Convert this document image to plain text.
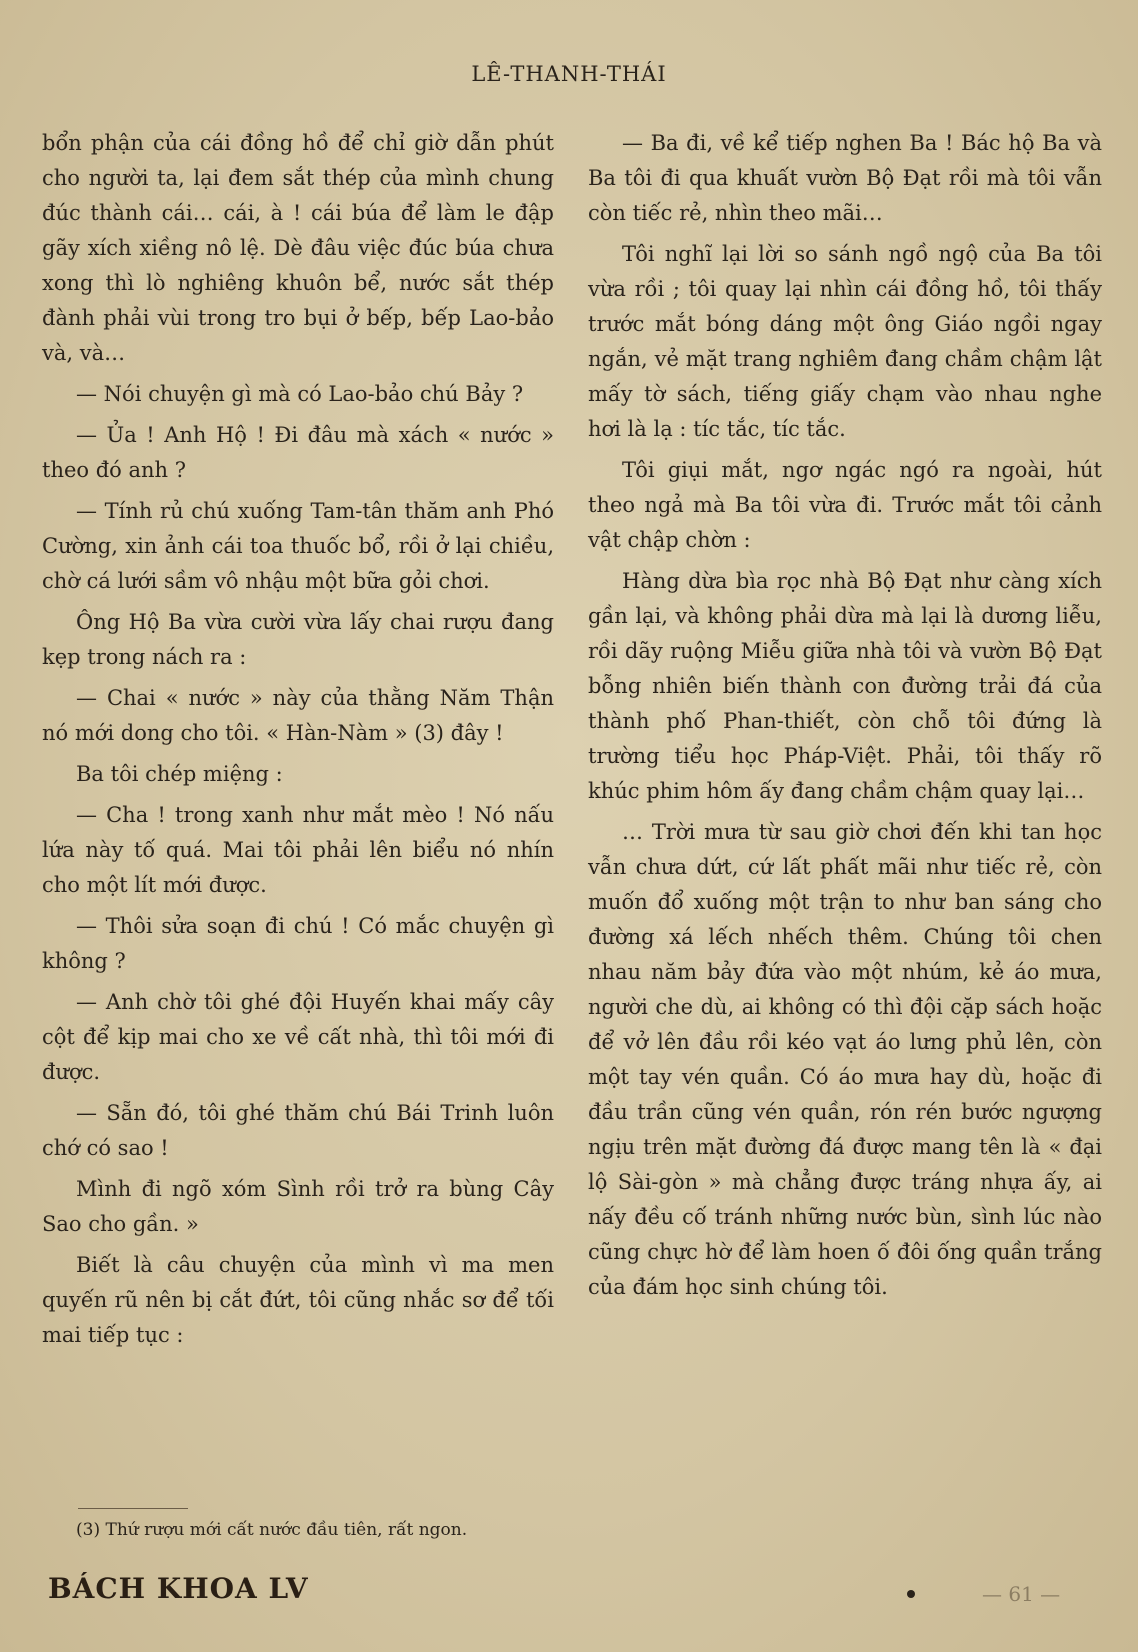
LÊ-THANH-THÁI

bổn phận của cái đồng hồ để chỉ giờ dẫn phút cho người ta, lại đem sắt thép của mình chung đúc thành cái… cái, à ! cái búa để làm le đập gãy xích xiềng nô lệ. Dè đâu việc đúc búa chưa xong thì lò nghiêng khuôn bể, nước sắt thép đành phải vùi trong tro bụi ở bếp, bếp Lao-bảo và, và…

— Nói chuyện gì mà có Lao-bảo chú Bảy ?

— Ủa ! Anh Hộ ! Đi đâu mà xách « nước » theo đó anh ?

— Tính rủ chú xuống Tam-tân thăm anh Phó Cường, xin ảnh cái toa thuốc bổ, rồi ở lại chiều, chờ cá lưới sầm vô nhậu một bữa gỏi chơi.

Ông Hộ Ba vừa cười vừa lấy chai rượu đang kẹp trong nách ra :

— Chai « nước » này của thằng Năm Thận nó mới dong cho tôi. « Hàn-Nàm » (3) đây !

Ba tôi chép miệng :

— Cha ! trong xanh như mắt mèo ! Nó nấu lứa này tố quá. Mai tôi phải lên biểu nó nhín cho một lít mới được.

— Thôi sửa soạn đi chú ! Có mắc chuyện gì không ?

— Anh chờ tôi ghé đội Huyến khai mấy cây cột để kịp mai cho xe về cất nhà, thì tôi mới đi được.

— Sẵn đó, tôi ghé thăm chú Bái Trinh luôn chớ có sao !

Mình đi ngõ xóm Sình rồi trở ra bùng Cây Sao cho gần. »

Biết là câu chuyện của mình vì ma men quyến rũ nên bị cắt đứt, tôi cũng nhắc sơ để tối mai tiếp tục :

— Ba đi, về kể tiếp nghen Ba ! Bác hộ Ba và Ba tôi đi qua khuất vườn Bộ Đạt rồi mà tôi vẫn còn tiếc rẻ, nhìn theo mãi…

Tôi nghĩ lại lời so sánh ngồ ngộ của Ba tôi vừa rồi ; tôi quay lại nhìn cái đồng hồ, tôi thấy trước mắt bóng dáng một ông Giáo ngồi ngay ngắn, vẻ mặt trang nghiêm đang chầm chậm lật mấy tờ sách, tiếng giấy chạm vào nhau nghe hơi là lạ : tíc tắc, tíc tắc.

Tôi giụi mắt, ngơ ngác ngó ra ngoài, hút theo ngả mà Ba tôi vừa đi. Trước mắt tôi cảnh vật chập chờn :

Hàng dừa bìa rọc nhà Bộ Đạt như càng xích gần lại, và không phải dừa mà lại là dương liễu, rồi dãy ruộng Miễu giữa nhà tôi và vườn Bộ Đạt bỗng nhiên biến thành con đường trải đá của thành phố Phan-thiết, còn chỗ tôi đứng là trường tiểu học Pháp-Việt. Phải, tôi thấy rõ khúc phim hôm ấy đang chầm chậm quay lại…

… Trời mưa từ sau giờ chơi đến khi tan học vẫn chưa dứt, cứ lất phất mãi như tiếc rẻ, còn muốn đổ xuống một trận to như ban sáng cho đường xá lếch nhếch thêm. Chúng tôi chen nhau năm bảy đứa vào một nhúm, kẻ áo mưa, người che dù, ai không có thì đội cặp sách hoặc để vở lên đầu rồi kéo vạt áo lưng phủ lên, còn một tay vén quần. Có áo mưa hay dù, hoặc đi đầu trần cũng vén quần, rón rén bước ngượng ngịu trên mặt đường đá được mang tên là « đại lộ Sài-gòn » mà chẳng được tráng nhựa ấy, ai nấy đều cố tránh những nước bùn, sình lúc nào cũng chực hờ để làm hoen ố đôi ống quần trắng của đám học sinh chúng tôi.

(3) Thứ rượu mới cất nước đầu tiên, rất ngon.
BÁCH KHOA LV	— 61 —
